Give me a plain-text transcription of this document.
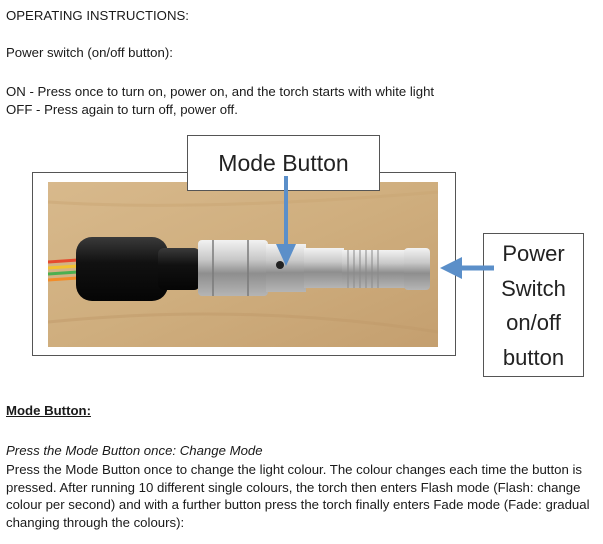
OPERATING INSTRUCTIONS:
Power switch (on/off button):
ON - Press once to turn on, power on, and the torch starts with white light
OFF - Press again to turn off, power off.
Mode Button
Power
Switch
on/off
button
Mode Button:
Press the Mode Button once: Change Mode
Press the Mode Button once to change the light colour. The colour changes each time the button is pressed. After running 10 different single colours, the torch then enters Flash mode (Flash: change colour per second) and with a further button press the torch finally enters Fade mode (Fade: gradual changing through the colours):
